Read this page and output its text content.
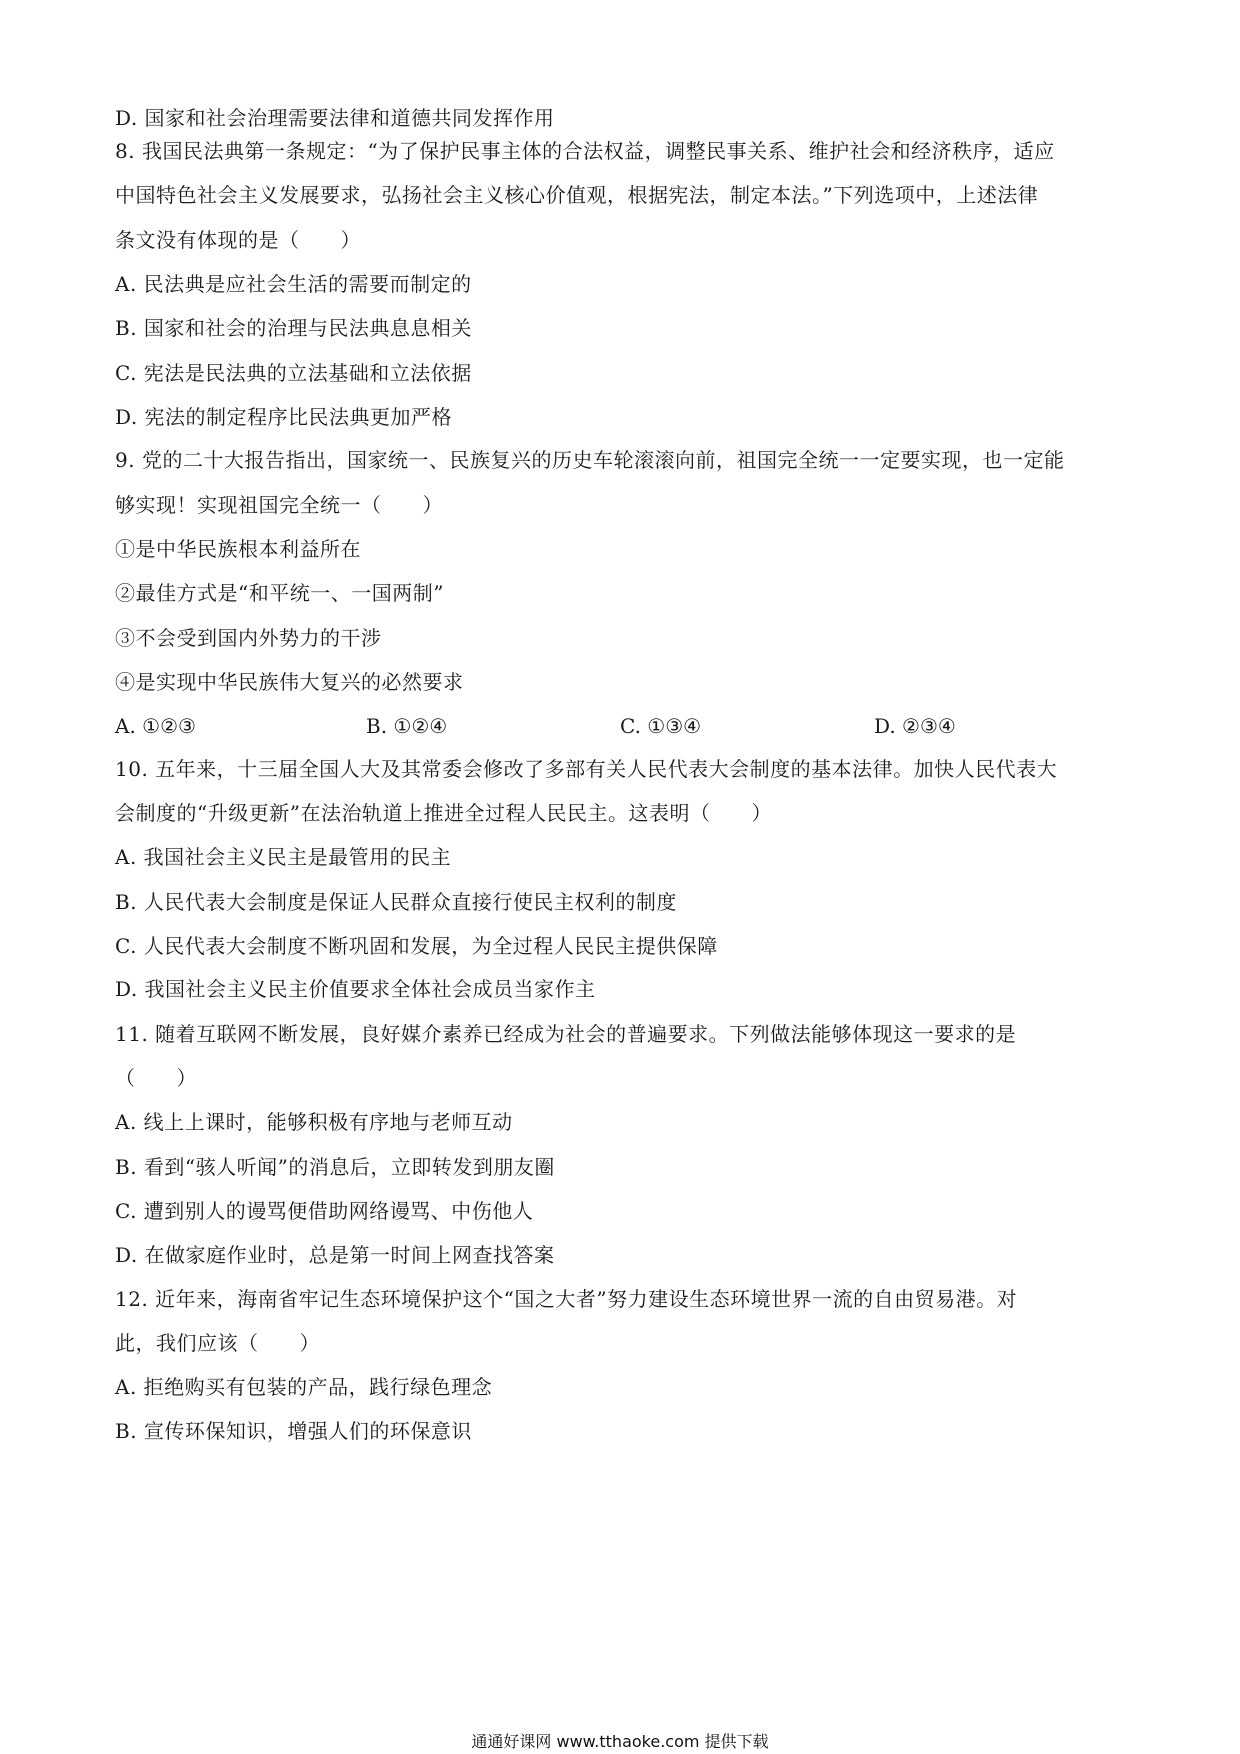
D. 国家和社会治理需要法律和道德共同发挥作用
8. 我国民法典第一条规定：“为了保护民事主体的合法权益，调整民事关系、维护社会和经济秩序，适应
中国特色社会主义发展要求，弘扬社会主义核心价值观，根据宪法，制定本法。”下列选项中，上述法律
条文没有体现的是（　　）
A. 民法典是应社会生活的需要而制定的
B. 国家和社会的治理与民法典息息相关
C. 宪法是民法典的立法基础和立法依据
D. 宪法的制定程序比民法典更加严格
9. 党的二十大报告指出，国家统一、民族复兴的历史车轮滚滚向前，祖国完全统一一定要实现，也一定能
够实现！实现祖国完全统一（　　）
①是中华民族根本利益所在
②最佳方式是“和平统一、一国两制”
③不会受到国内外势力的干涉
④是实现中华民族伟大复兴的必然要求
A. ①②③	B. ①②④	C. ①③④	D. ②③④
10. 五年来，十三届全国人大及其常委会修改了多部有关人民代表大会制度的基本法律。加快人民代表大
会制度的“升级更新”在法治轨道上推进全过程人民民主。这表明（　　）
A. 我国社会主义民主是最管用的民主
B. 人民代表大会制度是保证人民群众直接行使民主权利的制度
C. 人民代表大会制度不断巩固和发展，为全过程人民民主提供保障
D. 我国社会主义民主价值要求全体社会成员当家作主
11. 随着互联网不断发展，良好媒介素养已经成为社会的普遍要求。下列做法能够体现这一要求的是
（　　）
A. 线上上课时，能够积极有序地与老师互动
B. 看到“骇人听闻”的消息后，立即转发到朋友圈
C. 遭到别人的谩骂便借助网络谩骂、中伤他人
D. 在做家庭作业时，总是第一时间上网查找答案
12. 近年来，海南省牢记生态环境保护这个“国之大者”努力建设生态环境世界一流的自由贸易港。对
此，我们应该（　　）
A. 拒绝购买有包装的产品，践行绿色理念
B. 宣传环保知识，增强人们的环保意识
通通好课网 www.tthaoke.com 提供下载
